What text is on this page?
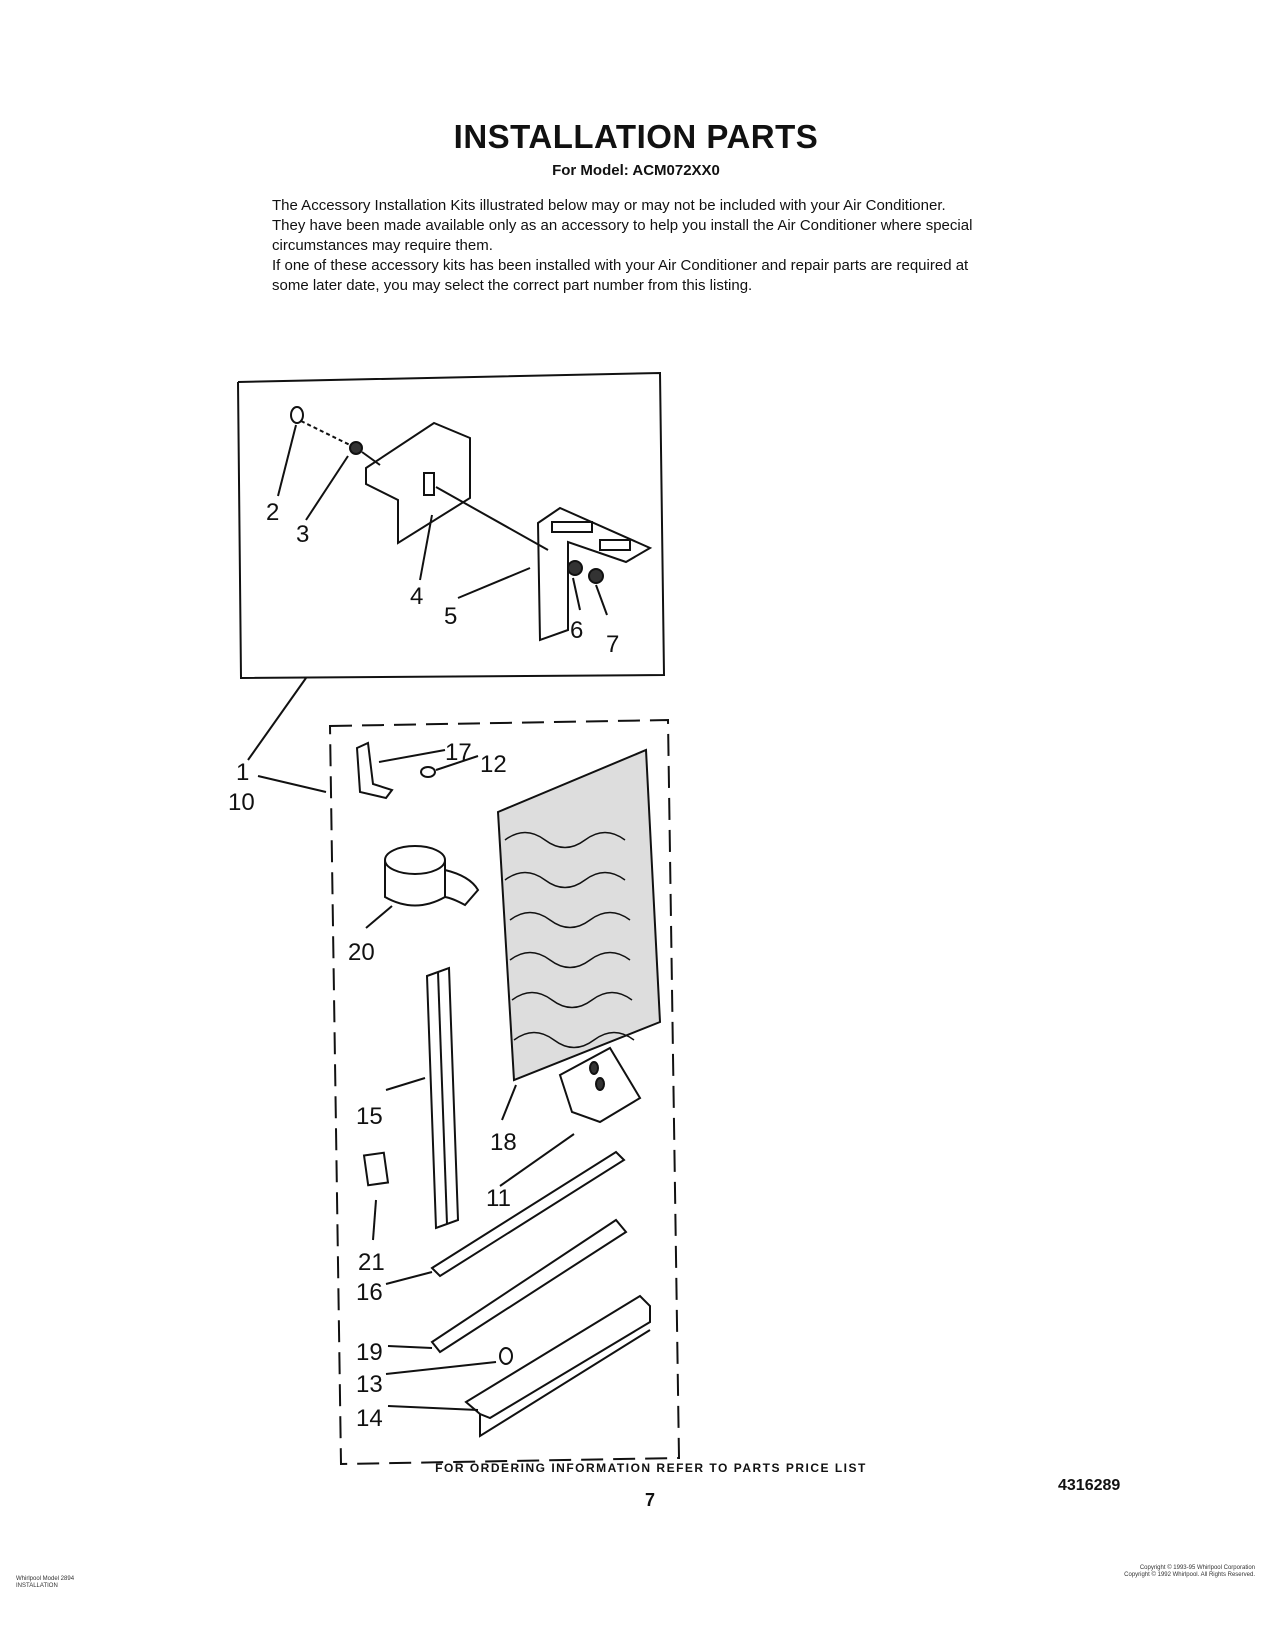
INSTALLATION PARTS
For Model: ACM072XX0

The Accessory Installation Kits illustrated below may or may not be included with your Air Conditioner. They have been made available only as an accessory to help you install the Air Conditioner where special circumstances may require them.

If one of these accessory kits has been installed with your Air Conditioner and repair parts are required at some later date, you may select the correct part number from this listing.

2
3
4
5
6
7
1
10
17 12
20
15
18
11
21
16
19
13
14
FOR ORDERING INFORMATION REFER TO PARTS PRICE LIST
7
4316289
Whirlpool Model 2894
INSTALLATION
Copyright © 1993-95 Whirlpool Corporation
Copyright © 1992 Whirlpool. All Rights Reserved.
